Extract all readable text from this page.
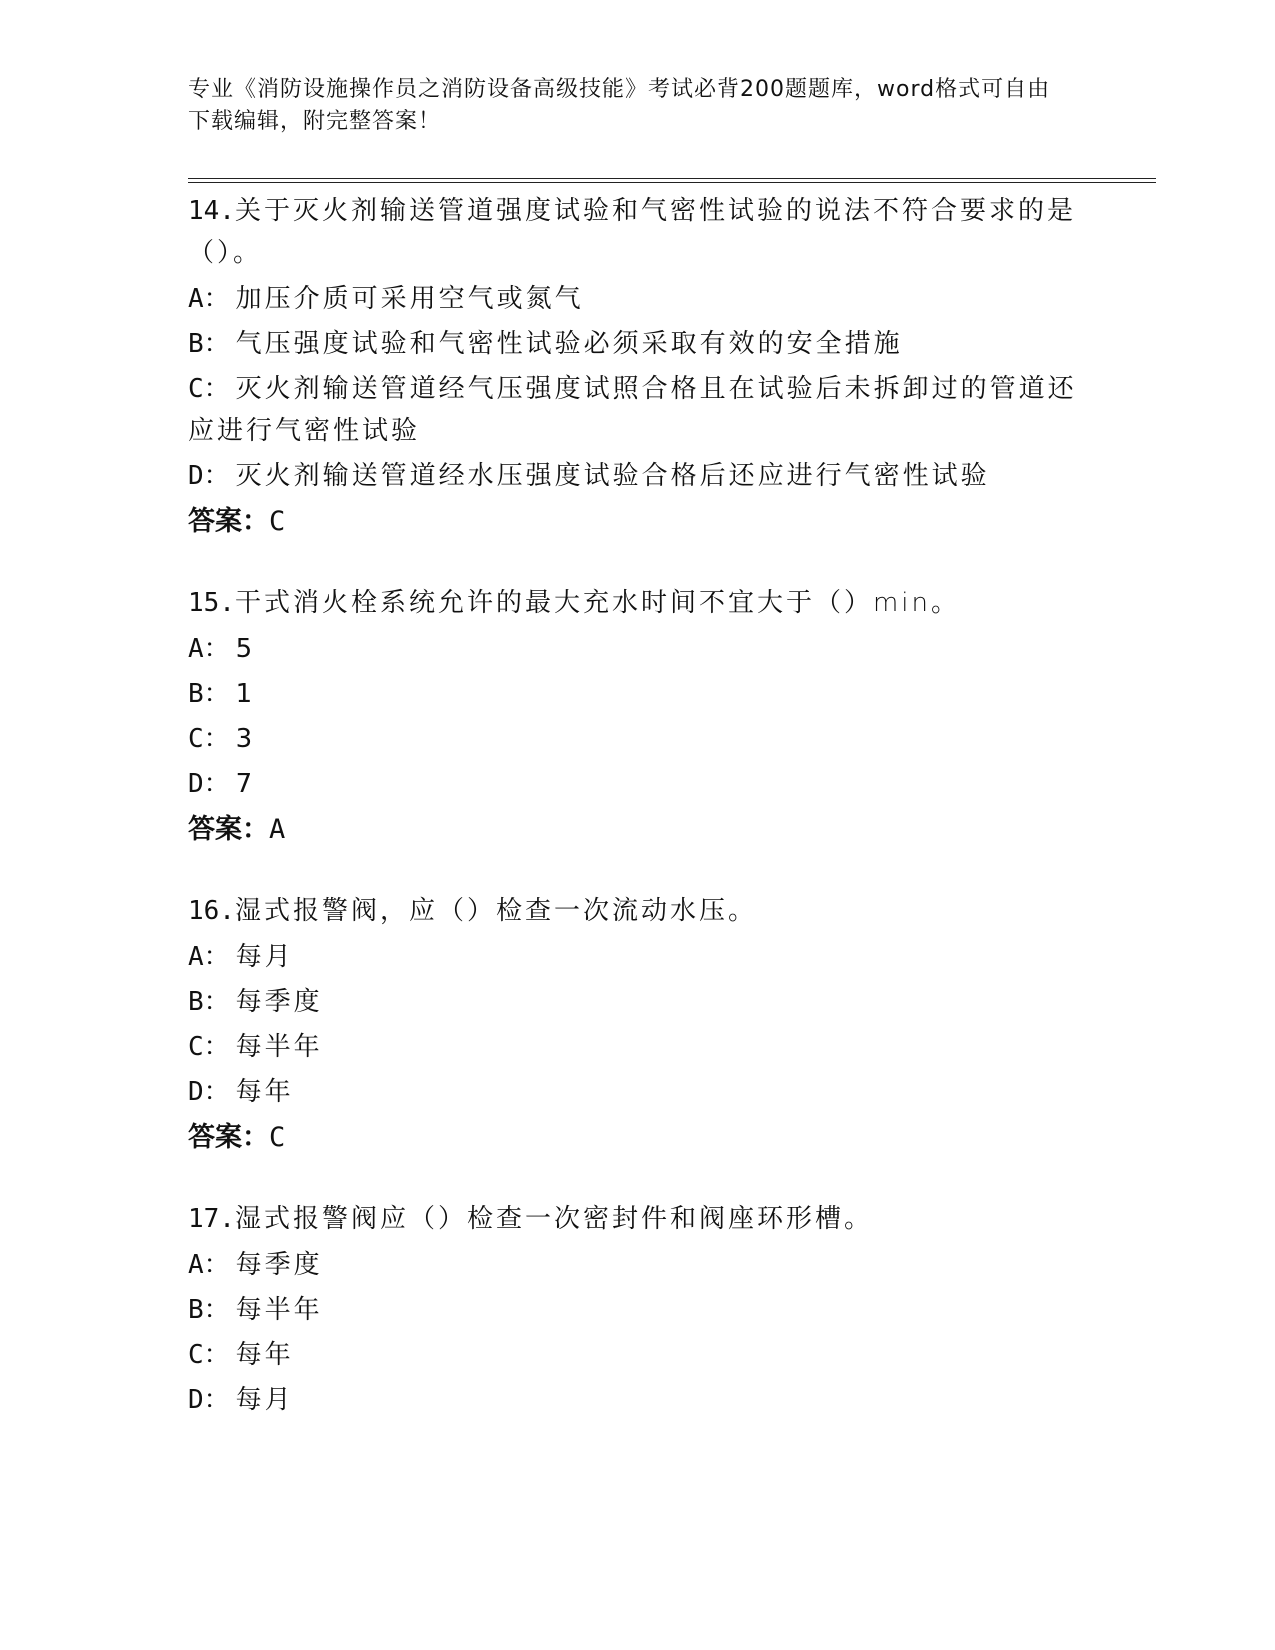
专业《消防设施操作员之消防设备高级技能》考试必背200题题库，word格式可自由下载编辑，附完整答案！

14.关于灭火剂输送管道强度试验和气密性试验的说法不符合要求的是（）。

A： 加压介质可采用空气或氮气

B： 气压强度试验和气密性试验必须采取有效的安全措施

C： 灭火剂输送管道经气压强度试照合格且在试验后未拆卸过的管道还应进行气密性试验

D： 灭火剂输送管道经水压强度试验合格后还应进行气密性试验

答案：C

15.干式消火栓系统允许的最大充水时间不宜大于（）min。

A： 5

B： 1

C： 3

D： 7

答案：A

16.湿式报警阀，应（）检查一次流动水压。

A： 每月

B： 每季度

C： 每半年

D： 每年

答案：C

17.湿式报警阀应（）检查一次密封件和阀座环形槽。

A： 每季度

B： 每半年

C： 每年

D： 每月
